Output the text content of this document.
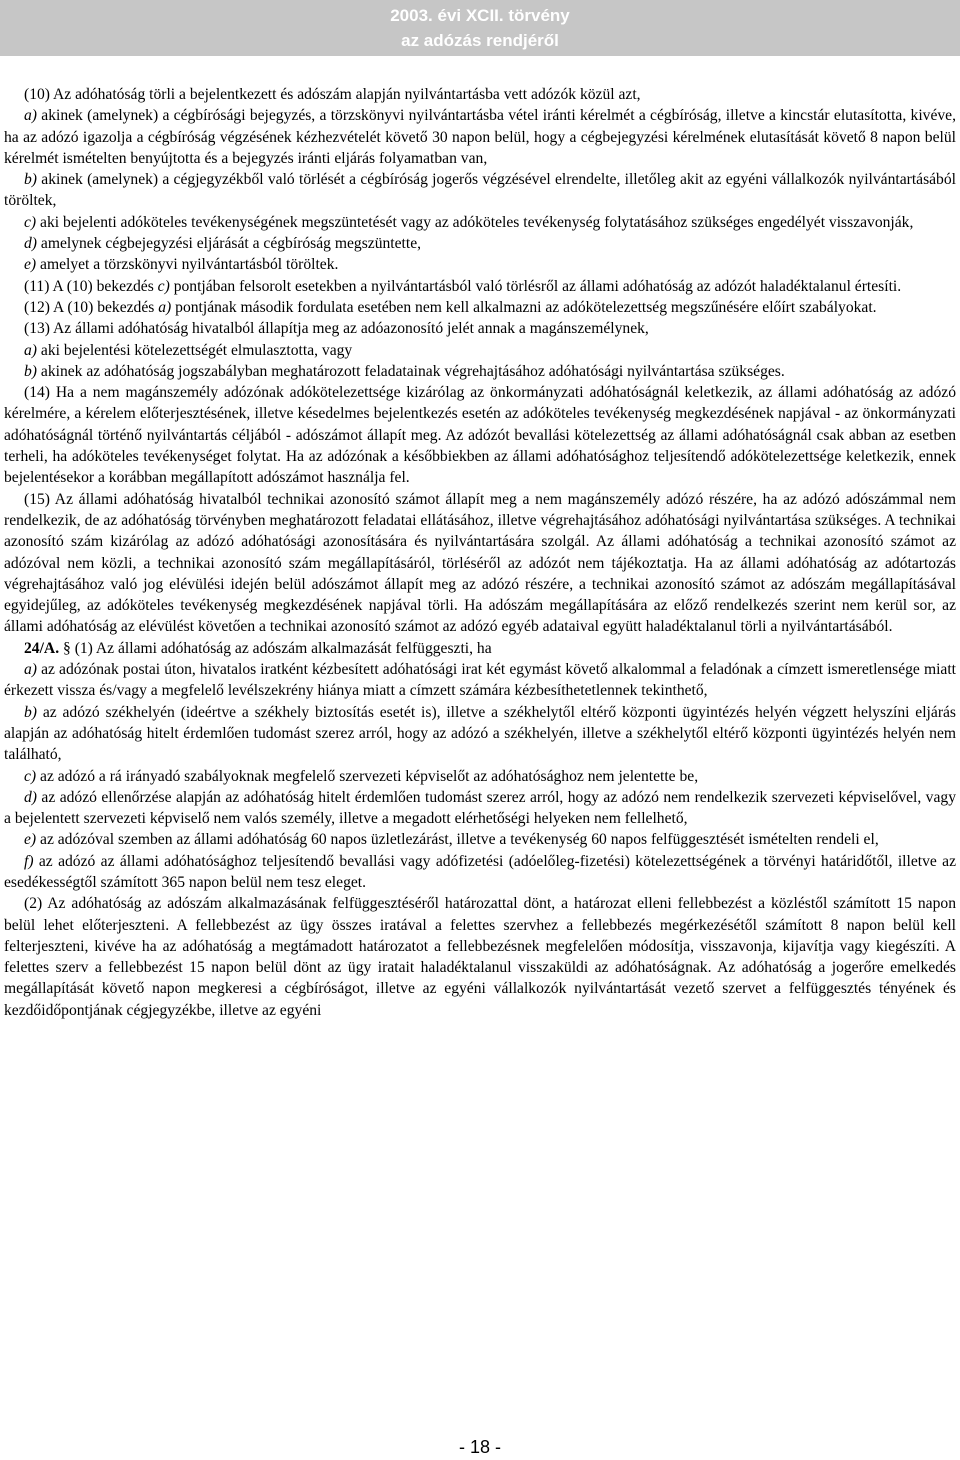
2003. évi XCII. törvény
az adózás rendjéről

(10) Az adóhatóság törli a bejelentkezett és adószám alapján nyilvántartásba vett adózók közül azt,

a) akinek (amelynek) a cégbírósági bejegyzés, a törzskönyvi nyilvántartásba vétel iránti kérelmét a cégbíróság, illetve a kincstár elutasította, kivéve, ha az adózó igazolja a cégbíróság végzésének kézhezvételét követő 30 napon belül, hogy a cégbejegyzési kérelmének elutasítását követő 8 napon belül kérelmét ismételten benyújtotta és a bejegyzés iránti eljárás folyamatban van,

b) akinek (amelynek) a cégjegyzékből való törlését a cégbíróság jogerős végzésével elrendelte, illetőleg akit az egyéni vállalkozók nyilvántartásából töröltek,

c) aki bejelenti adóköteles tevékenységének megszüntetését vagy az adóköteles tevékenység folytatásához szükséges engedélyét visszavonják,

d) amelynek cégbejegyzési eljárását a cégbíróság megszüntette,

e) amelyet a törzskönyvi nyilvántartásból töröltek.

(11) A (10) bekezdés c) pontjában felsorolt esetekben a nyilvántartásból való törlésről az állami adóhatóság az adózót haladéktalanul értesíti.

(12) A (10) bekezdés a) pontjának második fordulata esetében nem kell alkalmazni az adókötelezettség megszűnésére előírt szabályokat.

(13) Az állami adóhatóság hivatalból állapítja meg az adóazonosító jelét annak a magánszemélynek,

a) aki bejelentési kötelezettségét elmulasztotta, vagy

b) akinek az adóhatóság jogszabályban meghatározott feladatainak végrehajtásához adóhatósági nyilvántartása szükséges.

(14) Ha a nem magánszemély adózónak adókötelezettsége kizárólag az önkormányzati adóhatóságnál keletkezik, az állami adóhatóság az adózó kérelmére, a kérelem előterjesztésének, illetve késedelmes bejelentkezés esetén az adóköteles tevékenység megkezdésének napjával - az önkormányzati adóhatóságnál történő nyilvántartás céljából - adószámot állapít meg. Az adózót bevallási kötelezettség az állami adóhatóságnál csak abban az esetben terheli, ha adóköteles tevékenységet folytat. Ha az adózónak a későbbiekben az állami adóhatósághoz teljesítendő adókötelezettsége keletkezik, ennek bejelentésekor a korábban megállapított adószámot használja fel.

(15) Az állami adóhatóság hivatalból technikai azonosító számot állapít meg a nem magánszemély adózó részére, ha az adózó adószámmal nem rendelkezik, de az adóhatóság törvényben meghatározott feladatai ellátásához, illetve végrehajtásához adóhatósági nyilvántartása szükséges. A technikai azonosító szám kizárólag az adózó adóhatósági azonosítására és nyilvántartására szolgál. Az állami adóhatóság a technikai azonosító számot az adózóval nem közli, a technikai azonosító szám megállapításáról, törléséről az adózót nem tájékoztatja. Ha az állami adóhatóság az adótartozás végrehajtásához való jog elévülési idején belül adószámot állapít meg az adózó részére, a technikai azonosító számot az adószám megállapításával egyidejűleg, az adóköteles tevékenység megkezdésének napjával törli. Ha adószám megállapítására az előző rendelkezés szerint nem kerül sor, az állami adóhatóság az elévülést követően a technikai azonosító számot az adózó egyéb adataival együtt haladéktalanul törli a nyilvántartásából.

24/A. § (1) Az állami adóhatóság az adószám alkalmazását felfüggeszti, ha

a) az adózónak postai úton, hivatalos iratként kézbesített adóhatósági irat két egymást követő alkalommal a feladónak a címzett ismeretlensége miatt érkezett vissza és/vagy a megfelelő levélszekrény hiánya miatt a címzett számára kézbesíthetetlennek tekinthető,

b) az adózó székhelyén (ideértve a székhely biztosítás esetét is), illetve a székhelytől eltérő központi ügyintézés helyén végzett helyszíni eljárás alapján az adóhatóság hitelt érdemlően tudomást szerez arról, hogy az adózó a székhelyén, illetve a székhelytől eltérő központi ügyintézés helyén nem található,

c) az adózó a rá irányadó szabályoknak megfelelő szervezeti képviselőt az adóhatósághoz nem jelentette be,

d) az adózó ellenőrzése alapján az adóhatóság hitelt érdemlően tudomást szerez arról, hogy az adózó nem rendelkezik szervezeti képviselővel, vagy a bejelentett szervezeti képviselő nem valós személy, illetve a megadott elérhetőségi helyeken nem fellelhető,

e) az adózóval szemben az állami adóhatóság 60 napos üzletlezárást, illetve a tevékenység 60 napos felfüggesztését ismételten rendeli el,

f) az adózó az állami adóhatósághoz teljesítendő bevallási vagy adófizetési (adóelőleg-fizetési) kötelezettségének a törvényi határidőtől, illetve az esedékességtől számított 365 napon belül nem tesz eleget.

(2) Az adóhatóság az adószám alkalmazásának felfüggesztéséről határozattal dönt, a határozat elleni fellebbezést a közléstől számított 15 napon belül lehet előterjeszteni. A fellebbezést az ügy összes iratával a felettes szervhez a fellebbezés megérkezésétől számított 8 napon belül kell felterjeszteni, kivéve ha az adóhatóság a megtámadott határozatot a fellebbezésnek megfelelően módosítja, visszavonja, kijavítja vagy kiegészíti. A felettes szerv a fellebbezést 15 napon belül dönt az ügy iratait haladéktalanul visszaküldi az adóhatóságnak. Az adóhatóság a jogerőre emelkedés megállapítását követő napon megkeresi a cégbíróságot, illetve az egyéni vállalkozók nyilvántartását vezető szervet a felfüggesztés tényének és kezdőidőpontjának cégjegyzékbe, illetve az egyéni

- 18 -
